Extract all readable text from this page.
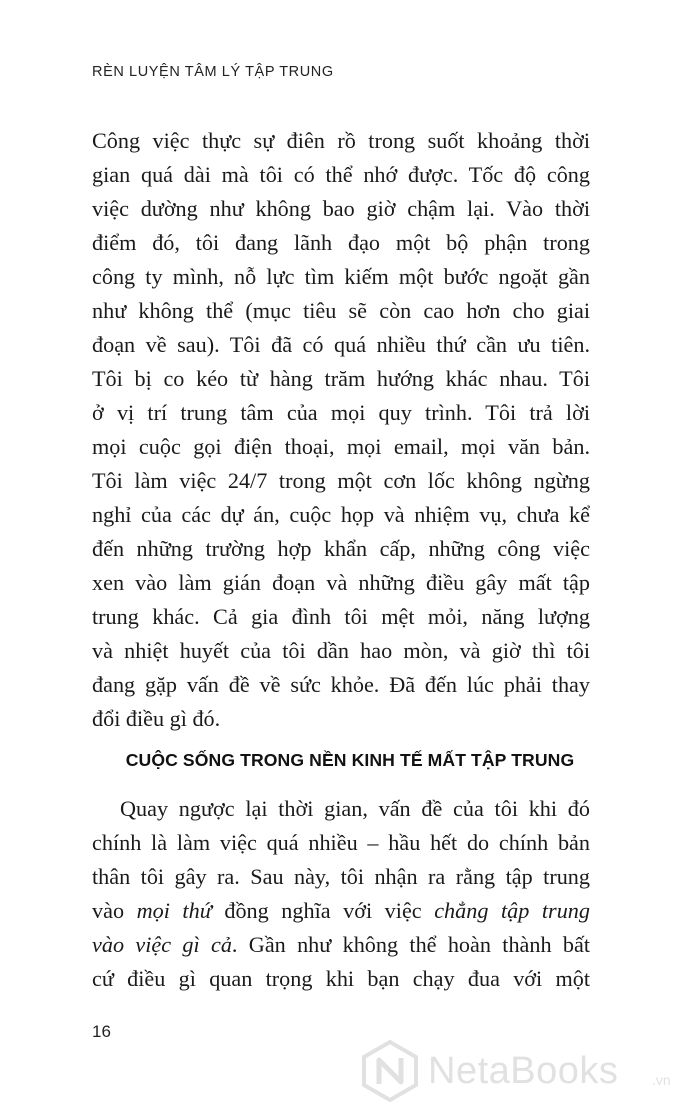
RÈN LUYỆN TÂM LÝ TẬP TRUNG
Công việc thực sự điên rồ trong suốt khoảng thời
gian quá dài mà tôi có thể nhớ được. Tốc độ công
việc dường như không bao giờ chậm lại. Vào thời
điểm đó, tôi đang lãnh đạo một bộ phận trong
công ty mình, nỗ lực tìm kiếm một bước ngoặt gần
như không thể (mục tiêu sẽ còn cao hơn cho giai
đoạn về sau). Tôi đã có quá nhiều thứ cần ưu tiên.
Tôi bị co kéo từ hàng trăm hướng khác nhau. Tôi
ở vị trí trung tâm của mọi quy trình. Tôi trả lời
mọi cuộc gọi điện thoại, mọi email, mọi văn bản.
Tôi làm việc 24/7 trong một cơn lốc không ngừng
nghỉ của các dự án, cuộc họp và nhiệm vụ, chưa kể
đến những trường hợp khẩn cấp, những công việc
xen vào làm gián đoạn và những điều gây mất tập
trung khác. Cả gia đình tôi mệt mỏi, năng lượng
và nhiệt huyết của tôi dần hao mòn, và giờ thì tôi
đang gặp vấn đề về sức khỏe. Đã đến lúc phải thay
đổi điều gì đó.
CUỘC SỐNG TRONG NỀN KINH TẾ MẤT TẬP TRUNG
Quay ngược lại thời gian, vấn đề của tôi khi đó
chính là làm việc quá nhiều – hầu hết do chính bản
thân tôi gây ra. Sau này, tôi nhận ra rằng tập trung
vào mọi thứ đồng nghĩa với việc chẳng tập trung
vào việc gì cả. Gần như không thể hoàn thành bất
cứ điều gì quan trọng khi bạn chạy đua với một
16
NetaBooks .vn
